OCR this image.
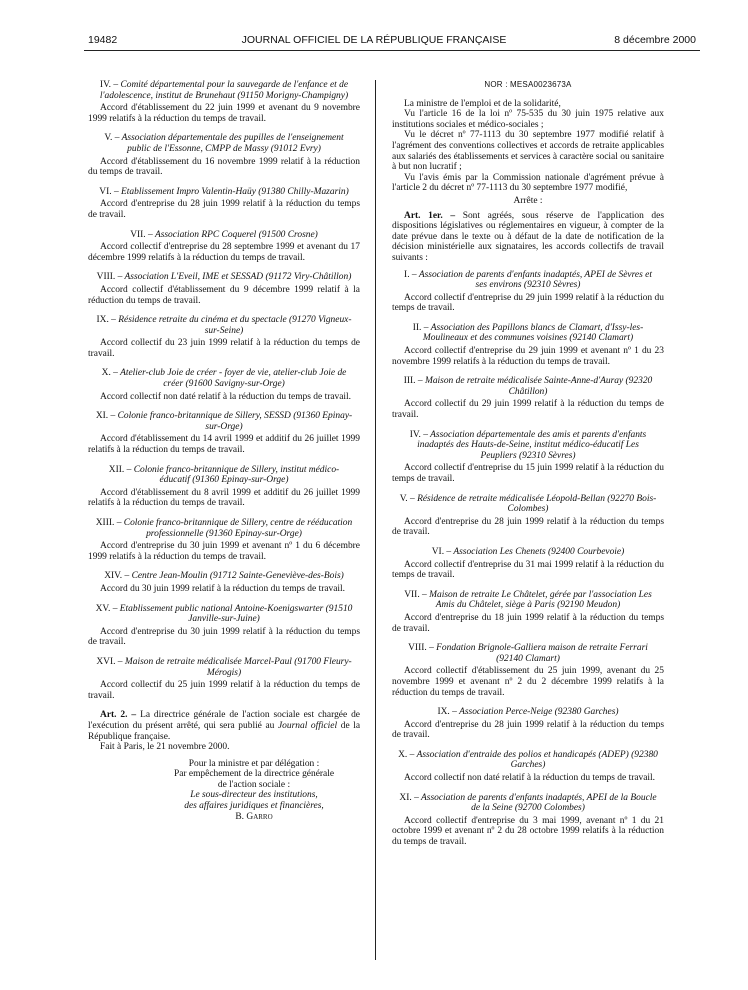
19482	JOURNAL OFFICIEL DE LA RÉPUBLIQUE FRANÇAISE	8 décembre 2000
IV. – Comité départemental pour la sauvegarde de l'enfance et de l'adolescence, institut de Brunehaut (91150 Morigny-Champigny)
Accord d'établissement du 22 juin 1999 et avenant du 9 novembre 1999 relatifs à la réduction du temps de travail.
V. – Association départementale des pupilles de l'enseignement public de l'Essonne, CMPP de Massy (91012 Evry)
Accord d'établissement du 16 novembre 1999 relatif à la réduction du temps de travail.
VI. – Etablissement Impro Valentin-Haüy (91380 Chilly-Mazarin)
Accord d'entreprise du 28 juin 1999 relatif à la réduction du temps de travail.
VII. – Association RPC Coquerel (91500 Crosne)
Accord collectif d'entreprise du 28 septembre 1999 et avenant du 17 décembre 1999 relatifs à la réduction du temps de travail.
VIII. – Association L'Eveil, IME et SESSAD (91172 Viry-Châtillon)
Accord collectif d'établissement du 9 décembre 1999 relatif à la réduction du temps de travail.
IX. – Résidence retraite du cinéma et du spectacle (91270 Vigneux-sur-Seine)
Accord collectif du 23 juin 1999 relatif à la réduction du temps de travail.
X. – Atelier-club Joie de créer - foyer de vie, atelier-club Joie de créer (91600 Savigny-sur-Orge)
Accord collectif non daté relatif à la réduction du temps de travail.
XI. – Colonie franco-britannique de Sillery, SESSD (91360 Epinay-sur-Orge)
Accord d'établissement du 14 avril 1999 et additif du 26 juillet 1999 relatifs à la réduction du temps de travail.
XII. – Colonie franco-britannique de Sillery, institut médico-éducatif (91360 Epinay-sur-Orge)
Accord d'établissement du 8 avril 1999 et additif du 26 juillet 1999 relatifs à la réduction du temps de travail.
XIII. – Colonie franco-britannique de Sillery, centre de rééducation professionnelle (91360 Epinay-sur-Orge)
Accord d'entreprise du 30 juin 1999 et avenant nº 1 du 6 décembre 1999 relatifs à la réduction du temps de travail.
XIV. – Centre Jean-Moulin (91712 Sainte-Geneviève-des-Bois)
Accord du 30 juin 1999 relatif à la réduction du temps de travail.
XV. – Etablissement public national Antoine-Koenigswarter (91510 Janville-sur-Juine)
Accord d'entreprise du 30 juin 1999 relatif à la réduction du temps de travail.
XVI. – Maison de retraite médicalisée Marcel-Paul (91700 Fleury-Mérogis)
Accord collectif du 25 juin 1999 relatif à la réduction du temps de travail.

Art. 2. – La directrice générale de l'action sociale est chargée de l'exécution du présent arrêté, qui sera publié au Journal officiel de la République française.

Fait à Paris, le 21 novembre 2000.

Pour la ministre et par délégation :
Par empêchement de la directrice générale
de l'action sociale :
Le sous-directeur des institutions,
des affaires juridiques et financières,
B. Garro
NOR : MESA0023673A

La ministre de l'emploi et de la solidarité,

Vu l'article 16 de la loi nº 75-535 du 30 juin 1975 relative aux institutions sociales et médico-sociales ;

Vu le décret nº 77-1113 du 30 septembre 1977 modifié relatif à l'agrément des conventions collectives et accords de retraite applicables aux salariés des établissements et services à caractère social ou sanitaire à but non lucratif ;

Vu l'avis émis par la Commission nationale d'agrément prévue à l'article 2 du décret nº 77-1113 du 30 septembre 1977 modifié,

Arrête :

Art. 1er. – Sont agréés, sous réserve de l'application des dispositions législatives ou réglementaires en vigueur, à compter de la date prévue dans le texte ou à défaut de la date de notification de la décision ministérielle aux signataires, les accords collectifs de travail suivants :

I. – Association de parents d'enfants inadaptés, APEI de Sèvres et ses environs (92310 Sèvres)
Accord collectif d'entreprise du 29 juin 1999 relatif à la réduction du temps de travail.
II. – Association des Papillons blancs de Clamart, d'Issy-les-Moulineaux et des communes voisines (92140 Clamart)
Accord collectif d'entreprise du 29 juin 1999 et avenant nº 1 du 23 novembre 1999 relatifs à la réduction du temps de travail.
III. – Maison de retraite médicalisée Sainte-Anne-d'Auray (92320 Châtillon)
Accord collectif du 29 juin 1999 relatif à la réduction du temps de travail.
IV. – Association départementale des amis et parents d'enfants inadaptés des Hauts-de-Seine, institut médico-éducatif Les Peupliers (92310 Sèvres)
Accord collectif d'entreprise du 15 juin 1999 relatif à la réduction du temps de travail.
V. – Résidence de retraite médicalisée Léopold-Bellan (92270 Bois-Colombes)
Accord d'entreprise du 28 juin 1999 relatif à la réduction du temps de travail.
VI. – Association Les Chenets (92400 Courbevoie)
Accord collectif d'entreprise du 31 mai 1999 relatif à la réduction du temps de travail.
VII. – Maison de retraite Le Châtelet, gérée par l'association Les Amis du Châtelet, siège à Paris (92190 Meudon)
Accord d'entreprise du 18 juin 1999 relatif à la réduction du temps de travail.
VIII. – Fondation Brignole-Galliera maison de retraite Ferrari (92140 Clamart)
Accord collectif d'établissement du 25 juin 1999, avenant du 25 novembre 1999 et avenant nº 2 du 2 décembre 1999 relatifs à la réduction du temps de travail.
IX. – Association Perce-Neige (92380 Garches)
Accord d'entreprise du 28 juin 1999 relatif à la réduction du temps de travail.
X. – Association d'entraide des polios et handicapés (ADEP) (92380 Garches)
Accord collectif non daté relatif à la réduction du temps de travail.
XI. – Association de parents d'enfants inadaptés, APEI de la Boucle de la Seine (92700 Colombes)
Accord collectif d'entreprise du 3 mai 1999, avenant nº 1 du 21 octobre 1999 et avenant nº 2 du 28 octobre 1999 relatifs à la réduction du temps de travail.
